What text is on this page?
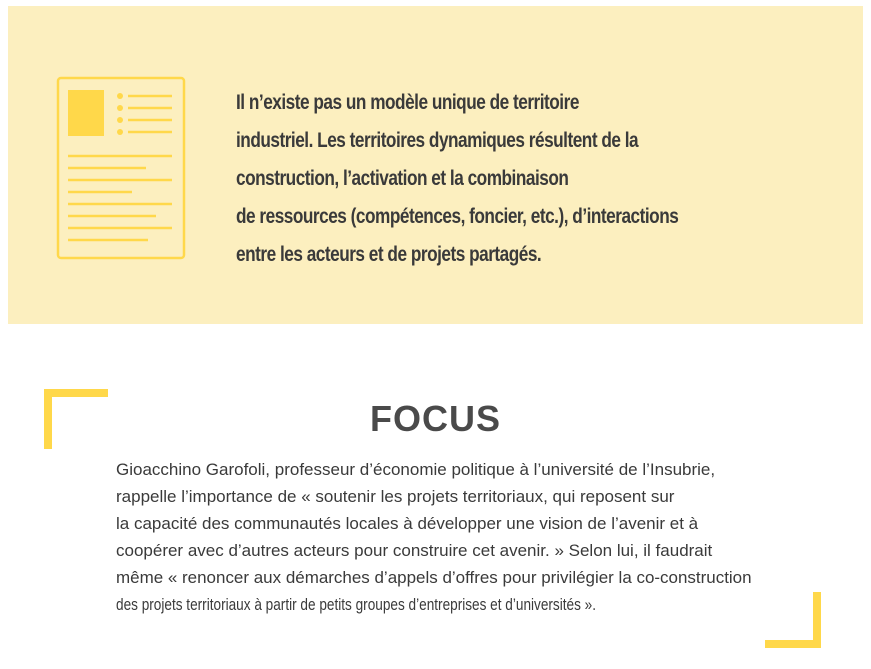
Il n’existe pas un modèle unique de territoire
industriel. Les territoires dynamiques résultent de la
construction, l’activation et la combinaison
de ressources (compétences, foncier, etc.), d’interactions
entre les acteurs et de projets partagés.
FOCUS
Gioacchino Garofoli, professeur d’économie politique à l’université de l’Insubrie,
rappelle l’importance de « soutenir les projets territoriaux, qui reposent sur
la capacité des communautés locales à développer une vision de l’avenir et à
coopérer avec d’autres acteurs pour construire cet avenir. » Selon lui, il faudrait
même « renoncer aux démarches d’appels d’offres pour privilégier la co-construction
des projets territoriaux à partir de petits groupes d’entreprises et d’universités ».
